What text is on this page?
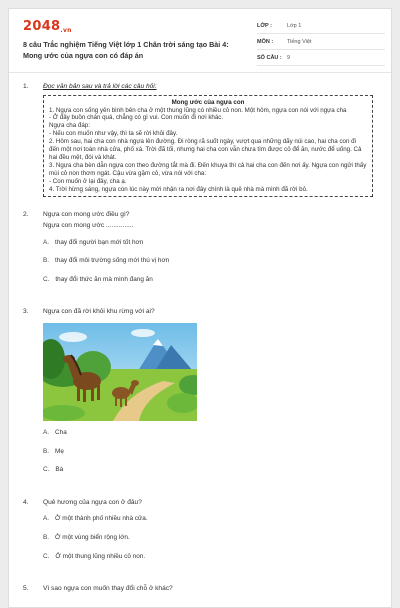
2048.vn
8 câu Trắc nghiệm Tiếng Việt lớp 1 Chân trời sáng tạo Bài 4: Mong ước của ngựa con có đáp án
LỚP :	Lớp 1
MÔN :	Tiếng Việt
SỐ CÂU : 9
1. Đọc văn bản sau và trả lời các câu hỏi:
Mong ước của ngựa con
1. Ngựa con sống yên bình bên cha ở một thung lũng có nhiều cỏ non. Một hôm, ngựa con nói với ngựa cha
- Ở đây buồn chán quá, chẳng có gì vui. Con muốn đi nơi khác.
Ngựa cha đáp:
- Nếu con muốn như vậy, thì ta sẽ rời khỏi đây.
2. Hôm sau, hai cha con nhà ngựa lên đường. Đi ròng rã suốt ngày, vượt qua những dãy núi cao, hai cha con đi đến một nơi toàn nhà cửa, phố xá. Trời đã tối, nhưng hai cha con vẫn chưa tìm được cỏ để ăn, nước để uống. Cả hai đều mệt, đói và khát.
3. Ngựa cha bèn dẫn ngựa con theo đường tắt mà đi. Đến khuya thì cả hai cha con đến nơi ấy. Ngựa con ngửi thấy mùi cỏ non thơm ngát. Cậu vừa gặm cỏ, vừa nói với cha:
- Con muốn ở lại đây, cha ạ.
4. Trời hừng sáng, ngựa con lúc này mới nhận ra nơi đây chính là quê nhà mà mình đã rời bỏ.
2. Ngựa con mong ước điều gì?
Ngựa con mong ước ...............
A. thay đổi người bạn mới tốt hơn
B. thay đổi môi trường sống mới thú vị hơn
C. thay đổi thức ăn mà mình đang ăn
3. Ngựa con đã rời khỏi khu rừng với ai?
A. Cha
B. Mẹ
C. Bà
4. Quê hương của ngựa con ở đâu?
A. Ở một thành phố nhiều nhà cửa.
B. Ở một vùng biển rộng lớn.
C. Ở một thung lũng nhiều cỏ non.
5. Vì sao ngựa con muốn thay đổi chỗ ở khác?
